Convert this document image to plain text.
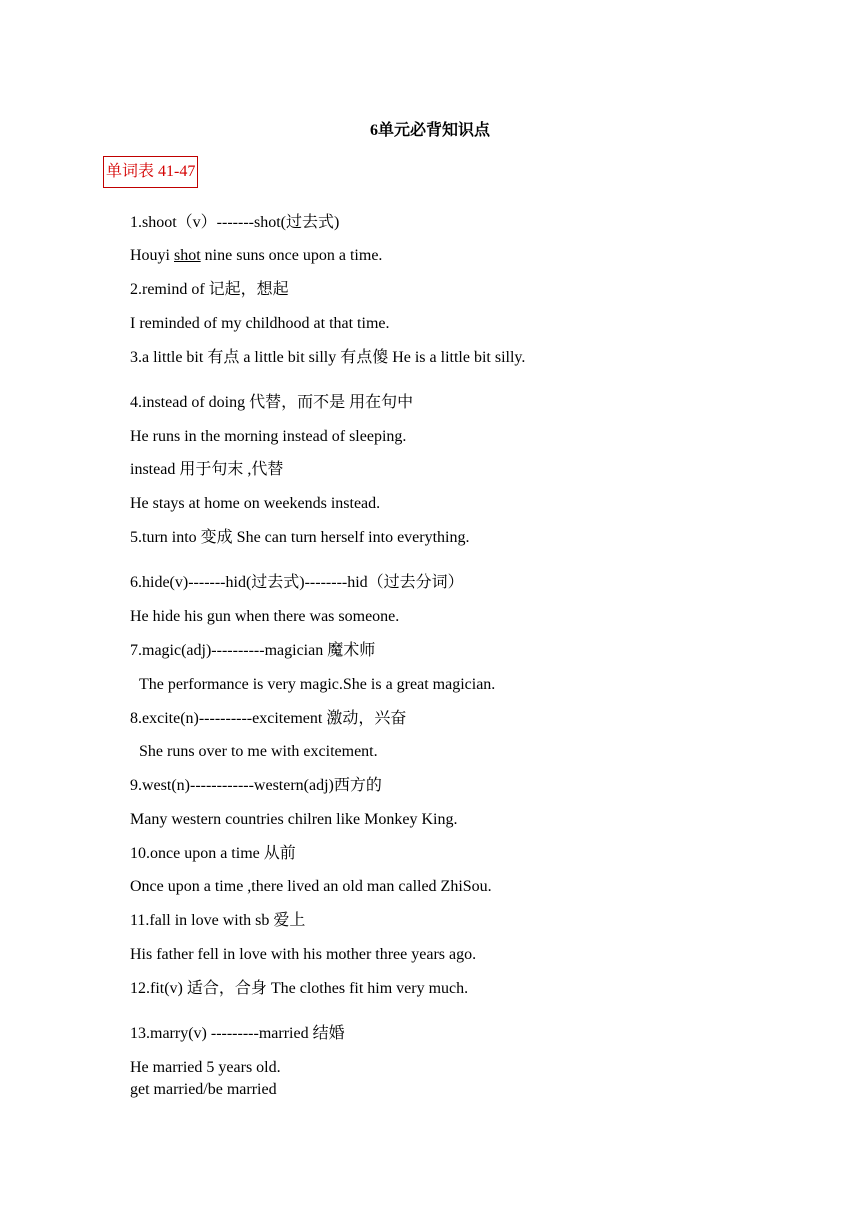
6单元必背知识点
单词表 41-47
1.shoot（v）-------shot(过去式)
Houyi shot nine suns once upon a time.
2.remind of 记起，想起
I reminded of my childhood at that time.
3.a little bit 有点 a little bit silly 有点傻 He is a little bit silly.
4.instead of doing 代替，而不是 用在句中
He runs in the morning instead of sleeping.
instead 用于句末 ,代替
He stays at home on weekends instead.
5.turn into 变成 She can turn herself into everything.
6.hide(v)-------hid(过去式)--------hid（过去分词）
He hide his gun when there was someone.
7.magic(adj)----------magician 魔术师
The performance is very magic.She is a great magician.
8.excite(n)----------excitement 激动，兴奋
She runs over to me with excitement.
9.west(n)------------western(adj)西方的
Many western countries chilren like Monkey King.
10.once upon a time 从前
Once upon a time ,there lived an old man called ZhiSou.
11.fall in love with sb 爱上
His father fell in love with his mother three years ago.
12.fit(v) 适合，合身 The clothes fit him very much.
13.marry(v) ---------married 结婚
He married 5 years old.
get married/be married
